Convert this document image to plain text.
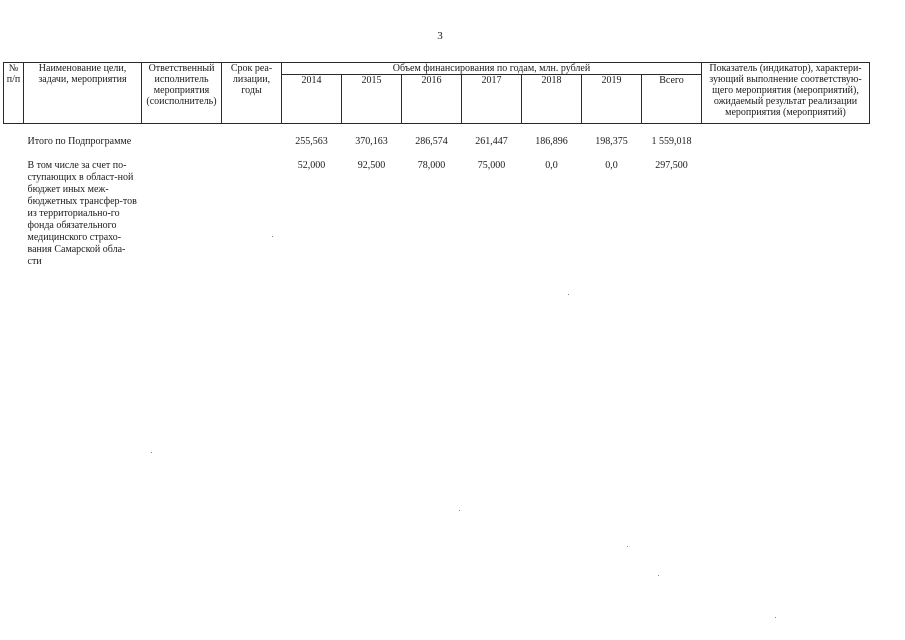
3
№ п/п	Наименование цели, задачи, мероприятия	Ответственный исполнитель мероприятия (соисполнитель)	Срок реа-лизации, годы	Объем финансирования по годам, млн. рублей							Показатель (индикатор), характери-зующий выполнение соответствую-щего мероприятия (мероприятий), ожидаемый результат реализации мероприятия (мероприятий)
				2014	2015	2016	2017	2018	2019	Всего	

	Итого по Подпрограмме			255,563	370,163	286,574	261,447	186,896	198,375	1 559,018	

	В том числе за счет по-ступающих в област-ной бюджет иных меж-бюджетных трансфер-тов из территориально-го фонда обязательного медицинского страхо-вания Самарской обла-сти			52,000	92,500	78,000	75,000	0,0	0,0	297,500	
